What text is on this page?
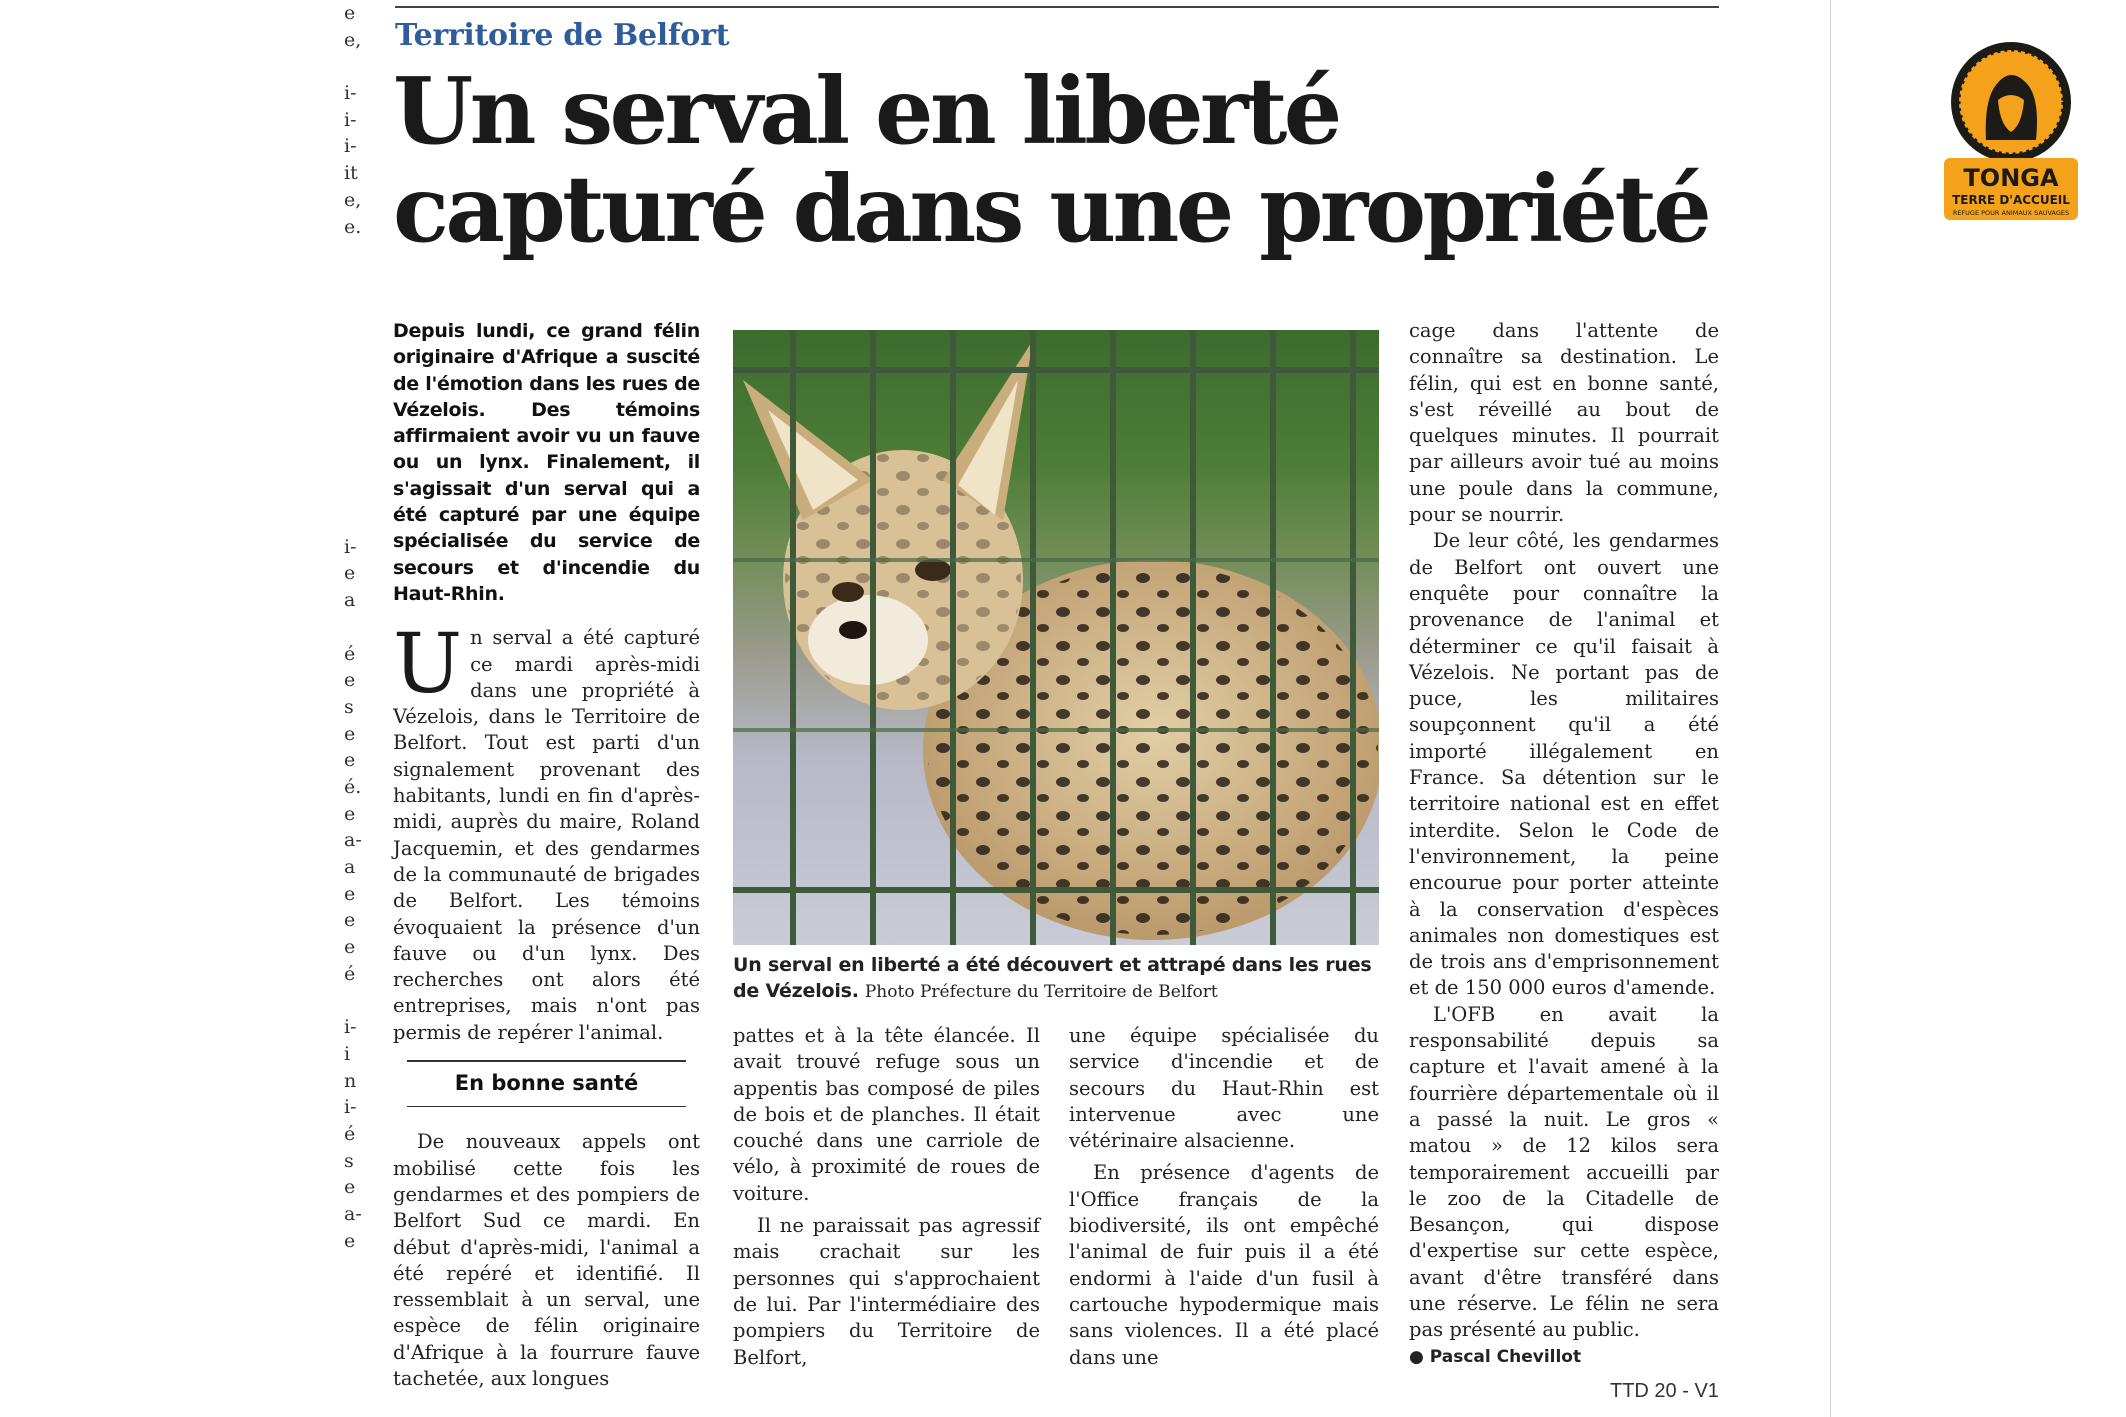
e
e,
i-
i-
i-
it
e,
e.
i-
e
a
é
e
s
e
e
é.
e
a-
a
e
e
e
é
i-
i
n
i-
é
s
e
a-
e
Territoire de Belfort
Un serval en liberté capturé dans une propriété

Depuis lundi, ce grand félin originaire d'Afrique a suscité de l'émotion dans les rues de Vézelois. Des témoins affirmaient avoir vu un fauve ou un lynx. Finalement, il s'agissait d'un serval qui a été capturé par une équipe spécialisée du service de secours et d'incendie du Haut-Rhin.

Un serval a été capturé ce mardi après-midi dans une propriété à Vézelois, dans le Territoire de Belfort. Tout est parti d'un signalement provenant des habitants, lundi en fin d'après-midi, auprès du maire, Roland Jacquemin, et des gendarmes de la communauté de brigades de Belfort. Les témoins évoquaient la présence d'un fauve ou d'un lynx. Des recherches ont alors été entreprises, mais n'ont pas permis de repérer l'animal.

En bonne santé

De nouveaux appels ont mobilisé cette fois les gendarmes et des pompiers de Belfort Sud ce mardi. En début d'après-midi, l'animal a été repéré et identifié. Il ressemblait à un serval, une espèce de félin originaire d'Afrique à la fourrure fauve tachetée, aux longues

Un serval en liberté a été découvert et attrapé dans les rues de Vézelois. Photo Préfecture du Territoire de Belfort

pattes et à la tête élancée. Il avait trouvé refuge sous un appentis bas composé de piles de bois et de planches. Il était couché dans une carriole de vélo, à proximité de roues de voiture.

Il ne paraissait pas agressif mais crachait sur les personnes qui s'approchaient de lui. Par l'intermédiaire des pompiers du Territoire de Belfort,

une équipe spécialisée du service d'incendie et de secours du Haut-Rhin est intervenue avec une vétérinaire alsacienne.

En présence d'agents de l'Office français de la biodiversité, ils ont empêché l'animal de fuir puis il a été endormi à l'aide d'un fusil à cartouche hypodermique mais sans violences. Il a été placé dans une

cage dans l'attente de connaître sa destination. Le félin, qui est en bonne santé, s'est réveillé au bout de quelques minutes. Il pourrait par ailleurs avoir tué au moins une poule dans la commune, pour se nourrir.

De leur côté, les gendarmes de Belfort ont ouvert une enquête pour connaître la provenance de l'animal et déterminer ce qu'il faisait à Vézelois. Ne portant pas de puce, les militaires soupçonnent qu'il a été importé illégalement en France. Sa détention sur le territoire national est en effet interdite. Selon le Code de l'environnement, la peine encourue pour porter atteinte à la conservation d'espèces animales non domestiques est de trois ans d'emprisonnement et de 150 000 euros d'amende.

L'OFB en avait la responsabilité depuis sa capture et l'avait amené à la fourrière départementale où il a passé la nuit. Le gros « matou » de 12 kilos sera temporairement accueilli par le zoo de la Citadelle de Besançon, qui dispose d'expertise sur cette espèce, avant d'être transféré dans une réserve. Le félin ne sera pas présenté au public.

● Pascal Chevillot

TTD 20 - V1
TONGA
TERRE D'ACCUEIL
REFUGE POUR ANIMAUX SAUVAGES
